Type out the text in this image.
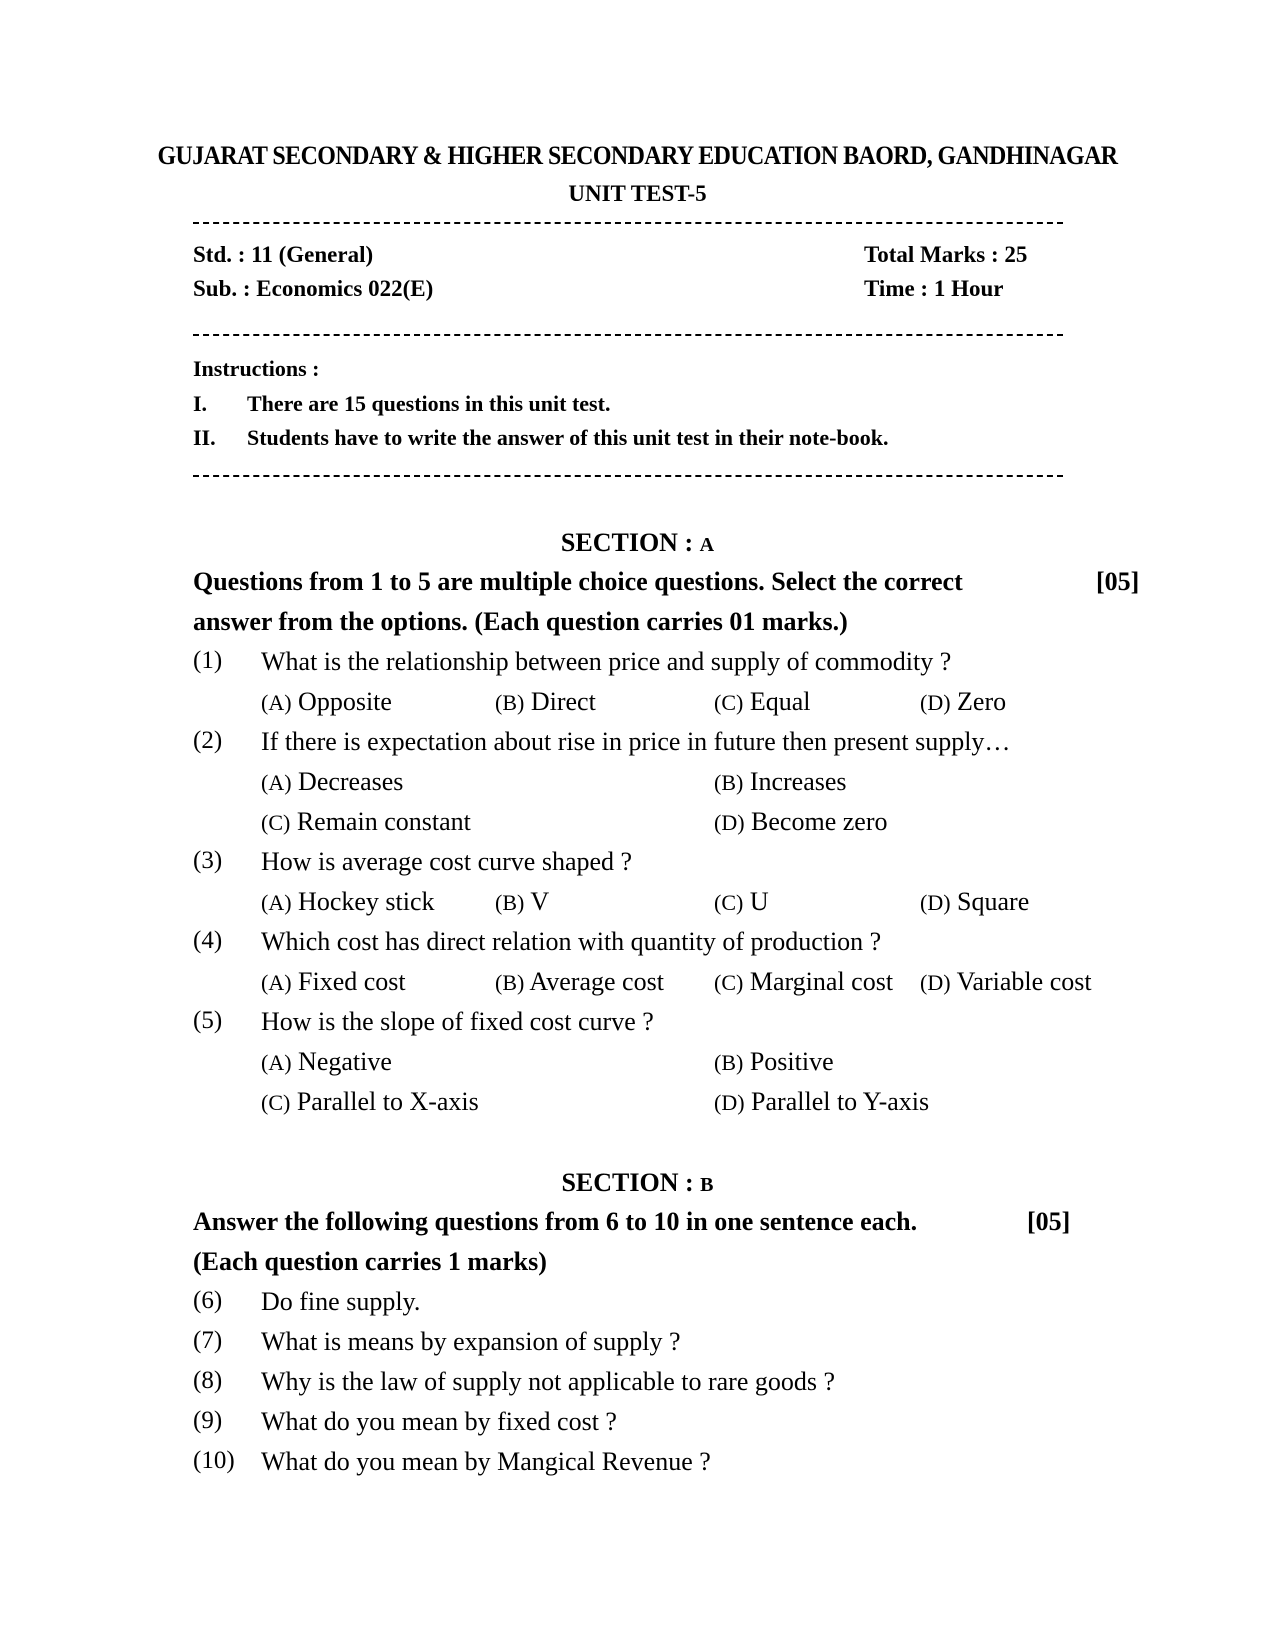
GUJARAT SECONDARY & HIGHER SECONDARY EDUCATION BAORD, GANDHINAGAR
UNIT TEST-5
Std. : 11 (General)	Total Marks : 25
Sub. : Economics 022(E)	Time : 1 Hour
Instructions :
I. There are 15 questions in this unit test.
II. Students have to write the answer of this unit test in their note-book.
SECTION : A
Questions from 1 to 5 are multiple choice questions. Select the correct	[05]
answer from the options. (Each question carries 01 marks.)
(1) What is the relationship between price and supply of commodity ?
(A) Opposite	(B) Direct	(C) Equal	(D) Zero
(2) If there is expectation about rise in price in future then present supply…
(A) Decreases	(B) Increases
(C) Remain constant	(D) Become zero
(3) How is average cost curve shaped ?
(A) Hockey stick	(B) V	(C) U	(D) Square
(4) Which cost has direct relation with quantity of production ?
(A) Fixed cost	(B) Average cost (C) Marginal cost (D) Variable cost
(5) How is the slope of fixed cost curve ?
(A) Negative	(B) Positive
(C) Parallel to X-axis	(D) Parallel to Y-axis
SECTION : B
Answer the following questions from 6 to 10 in one sentence each.	[05]
(Each question carries 1 marks)
(6) Do fine supply.
(7) What is means by expansion of supply ?
(8) Why is the law of supply not applicable to rare goods ?
(9) What do you mean by fixed cost ?
(10) What do you mean by Mangical Revenue ?
